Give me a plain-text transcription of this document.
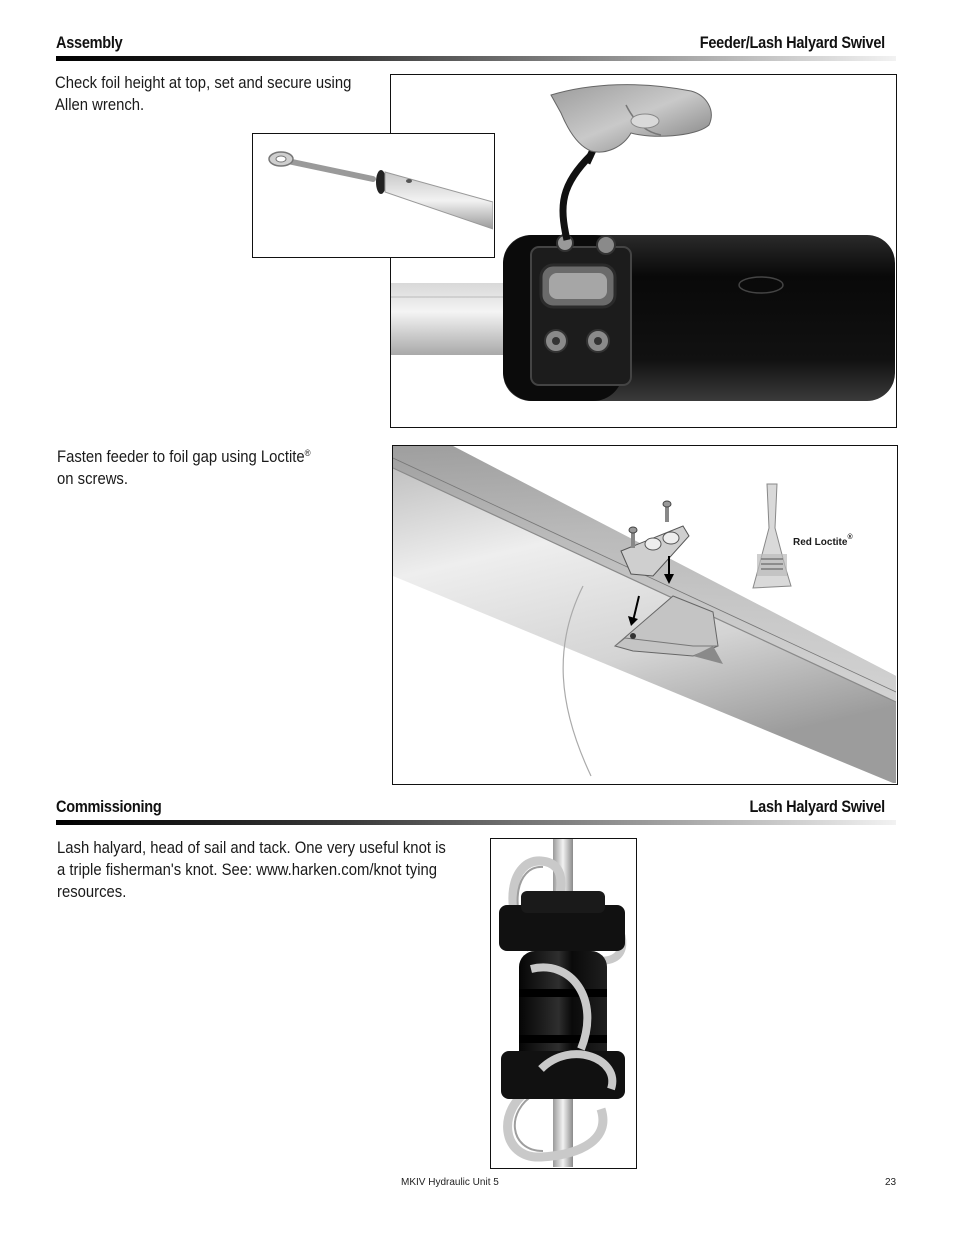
Assembly	Feeder/Lash Halyard Swivel
Check foil height at top, set and secure using Allen wrench.
Fasten feeder to foil gap using Loctite®
on screws.
Red Loctite®
Commissioning	Lash Halyard Swivel
Lash halyard, head of sail and tack. One very useful knot is a triple fisherman's knot. See: www.harken.com/knot tying resources.
MKIV Hydraulic Unit 5	23
